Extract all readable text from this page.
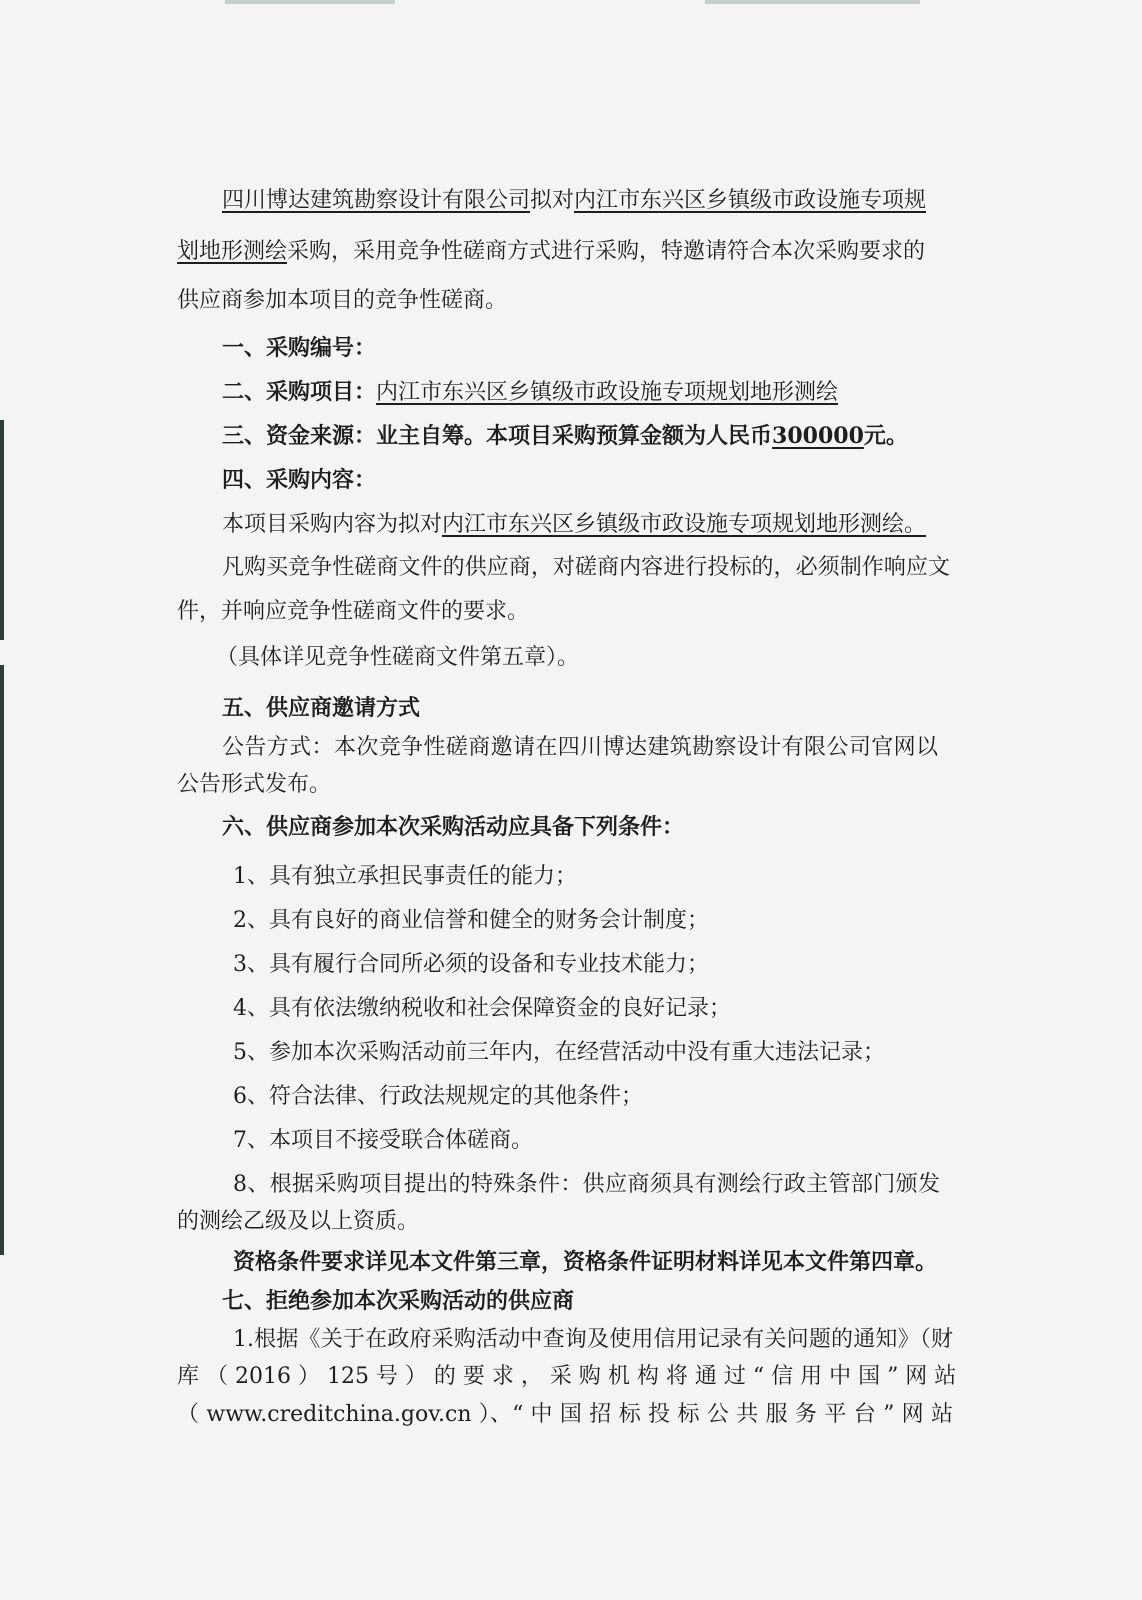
四川博达建筑勘察设计有限公司拟对内江市东兴区乡镇级市政设施专项规
划地形测绘采购，采用竞争性磋商方式进行采购，特邀请符合本次采购要求的
供应商参加本项目的竞争性磋商。
一、采购编号：
二、采购项目：内江市东兴区乡镇级市政设施专项规划地形测绘
三、资金来源：业主自筹。本项目采购预算金额为人民币300000元。
四、采购内容：
本项目采购内容为拟对内江市东兴区乡镇级市政设施专项规划地形测绘。
凡购买竞争性磋商文件的供应商，对磋商内容进行投标的，必须制作响应文
件，并响应竞争性磋商文件的要求。
（具体详见竞争性磋商文件第五章）。
五、供应商邀请方式
公告方式：本次竞争性磋商邀请在四川博达建筑勘察设计有限公司官网以
公告形式发布。
六、供应商参加本次采购活动应具备下列条件：
1、具有独立承担民事责任的能力；
2、具有良好的商业信誉和健全的财务会计制度；
3、具有履行合同所必须的设备和专业技术能力；
4、具有依法缴纳税收和社会保障资金的良好记录；
5、参加本次采购活动前三年内，在经营活动中没有重大违法记录；
6、符合法律、行政法规规定的其他条件；
7、本项目不接受联合体磋商。
8、根据采购项目提出的特殊条件：供应商须具有测绘行政主管部门颁发
的测绘乙级及以上资质。
资格条件要求详见本文件第三章，资格条件证明材料详见本文件第四章。
七、拒绝参加本次采购活动的供应商
1.根据《关于在政府采购活动中查询及使用信用记录有关问题的通知》（财
库 （ 2016 ） 125 号 ） 的 要 求 ， 采 购 机 构 将 通 过 “ 信 用 中 国 ” 网 站
（ www.creditchina.gov.cn ）、“ 中 国 招 标 投 标 公 共 服 务 平 台 ” 网 站
